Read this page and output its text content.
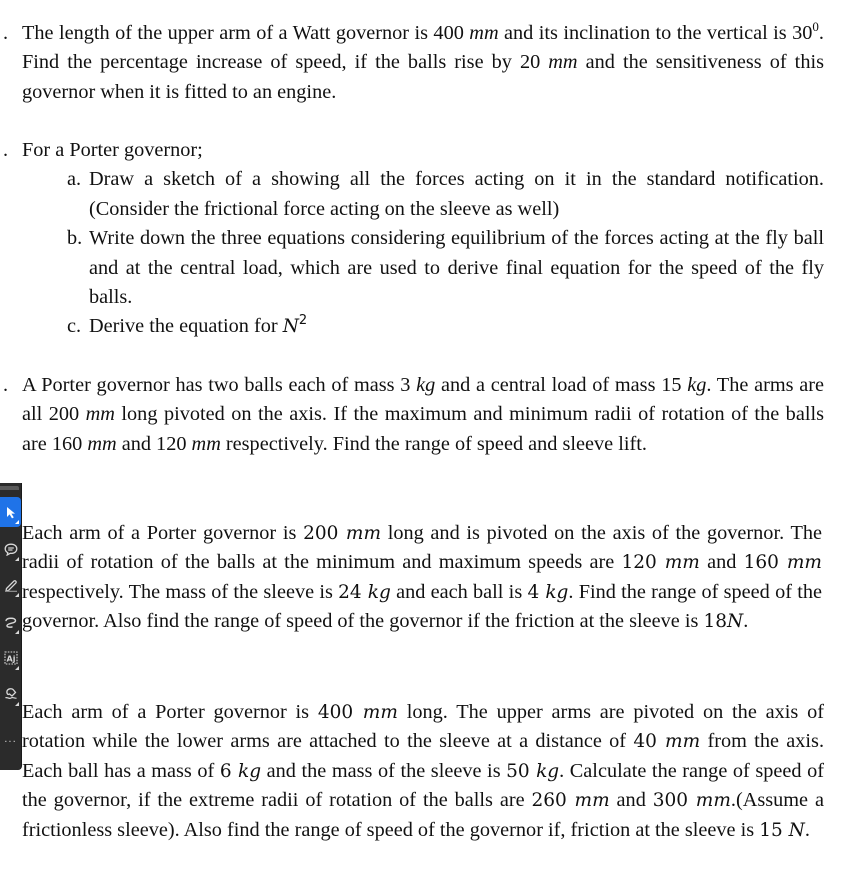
. The length of the upper arm of a Watt governor is 400 mm and its inclination to the vertical is $30^0$. Find the percentage increase of speed, if the balls rise by 20 mm and the sensitiveness of this governor when it is fitted to an engine.

. For a Porter governor;

a. Draw a sketch of a showing all the forces acting on it in the standard notification. (Consider the frictional force acting on the sleeve as well)
b. Write down the three equations considering equilibrium of the forces acting at the fly ball and at the central load, which are used to derive final equation for the speed of the fly balls.
c. Derive the equation for $N^2$
. A Porter governor has two balls each of mass 3 kg and a central load of mass 15 kg. The arms are all 200 mm long pivoted on the axis. If the maximum and minimum radii of rotation of the balls are 160 mm and 120 mm respectively. Find the range of speed and sleeve lift.

Each arm of a Porter governor is 200 mm long and is pivoted on the axis of the governor. The radii of rotation of the balls at the minimum and maximum speeds are 120 mm and 160 mm respectively. The mass of the sleeve is 24 kg and each ball is 4 kg. Find the range of speed of the governor. Also find the range of speed of the governor if the friction at the sleeve is 18N.

Each arm of a Porter governor is 400 mm long. The upper arms are pivoted on the axis of rotation while the lower arms are attached to the sleeve at a distance of 40 mm from the axis. Each ball has a mass of 6 kg and the mass of the sleeve is 50 kg. Calculate the range of speed of the governor, if the extreme radii of rotation of the balls are 260 mm and 300 mm.(Assume a frictionless sleeve). Also find the range of speed of the governor if, friction at the sleeve is 15 N.

Aj
...
